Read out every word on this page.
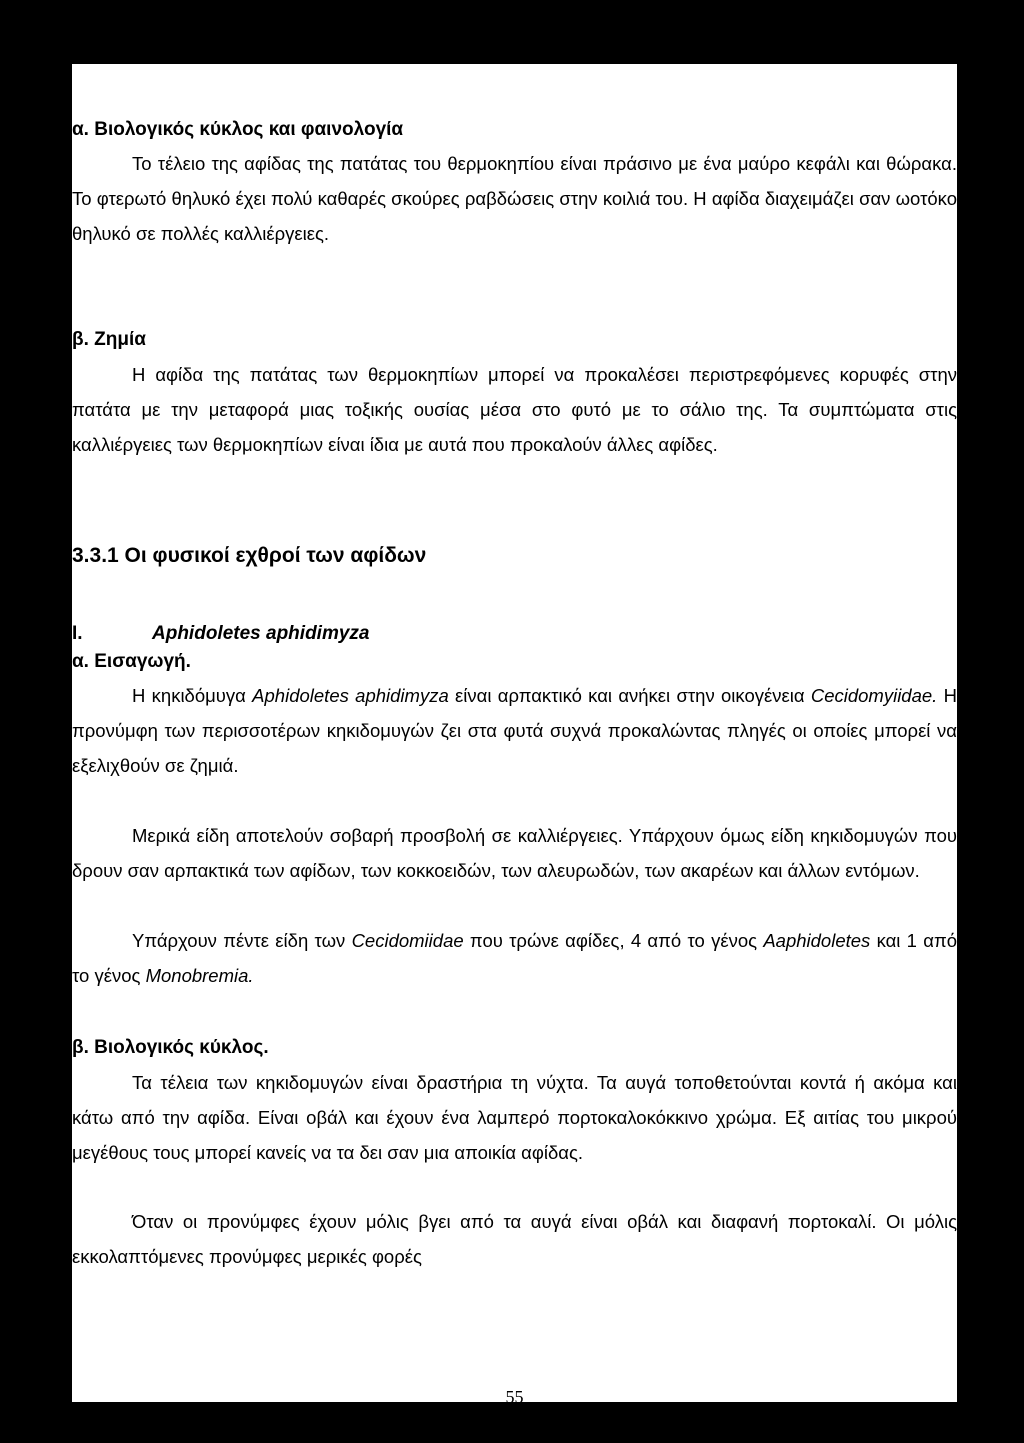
α. Βιολογικός κύκλος και φαινολογία

Το τέλειο της αφίδας της πατάτας του θερμοκηπίου είναι πράσινο με ένα μαύρο κεφάλι και θώρακα. Το φτερωτό θηλυκό έχει πολύ καθαρές σκούρες ραβδώσεις στην κοιλιά του. Η αφίδα διαχειμάζει σαν ωοτόκο θηλυκό σε πολλές καλλιέργειες.

β. Ζημία

Η αφίδα της πατάτας των θερμοκηπίων μπορεί να προκαλέσει περιστρεφόμενες κορυφές στην πατάτα με την μεταφορά μιας τοξικής ουσίας μέσα στο φυτό με το σάλιο της. Τα συμπτώματα στις καλλιέργειες των θερμοκηπίων είναι ίδια με αυτά που προκαλούν άλλες αφίδες.

3.3.1 Οι φυσικοί εχθροί των αφίδων
I.	Aphidoletes aphidimyza
α. Εισαγωγή.

Η κηκιδόμυγα Aphidoletes aphidimyza είναι αρπακτικό και ανήκει στην οικογένεια Cecidomyiidae. Η προνύμφη των περισσοτέρων κηκιδομυγών ζει στα φυτά συχνά προκαλώντας πληγές οι οποίες μπορεί να εξελιχθούν σε ζημιά.

Μερικά είδη αποτελούν σοβαρή προσβολή σε καλλιέργειες. Υπάρχουν όμως είδη κηκιδομυγών που δρουν σαν αρπακτικά των αφίδων, των κοκκοειδών, των αλευρωδών, των ακαρέων και άλλων εντόμων.

Υπάρχουν πέντε είδη των Cecidomiidae που τρώνε αφίδες, 4 από το γένος Aaphidoletes και 1 από το γένος Monobremia.

β. Βιολογικός κύκλος.

Τα τέλεια των κηκιδομυγών είναι δραστήρια τη νύχτα. Τα αυγά τοποθετούνται κοντά ή ακόμα και κάτω από την αφίδα. Είναι οβάλ και έχουν ένα λαμπερό πορτοκαλοκόκκινο χρώμα. Εξ αιτίας του μικρού μεγέθους τους μπορεί κανείς να τα δει σαν μια αποικία αφίδας.

Όταν οι προνύμφες έχουν μόλις βγει από τα αυγά είναι οβάλ και διαφανή πορτοκαλί. Οι μόλις εκκολαπτόμενες προνύμφες μερικές φορές

55
